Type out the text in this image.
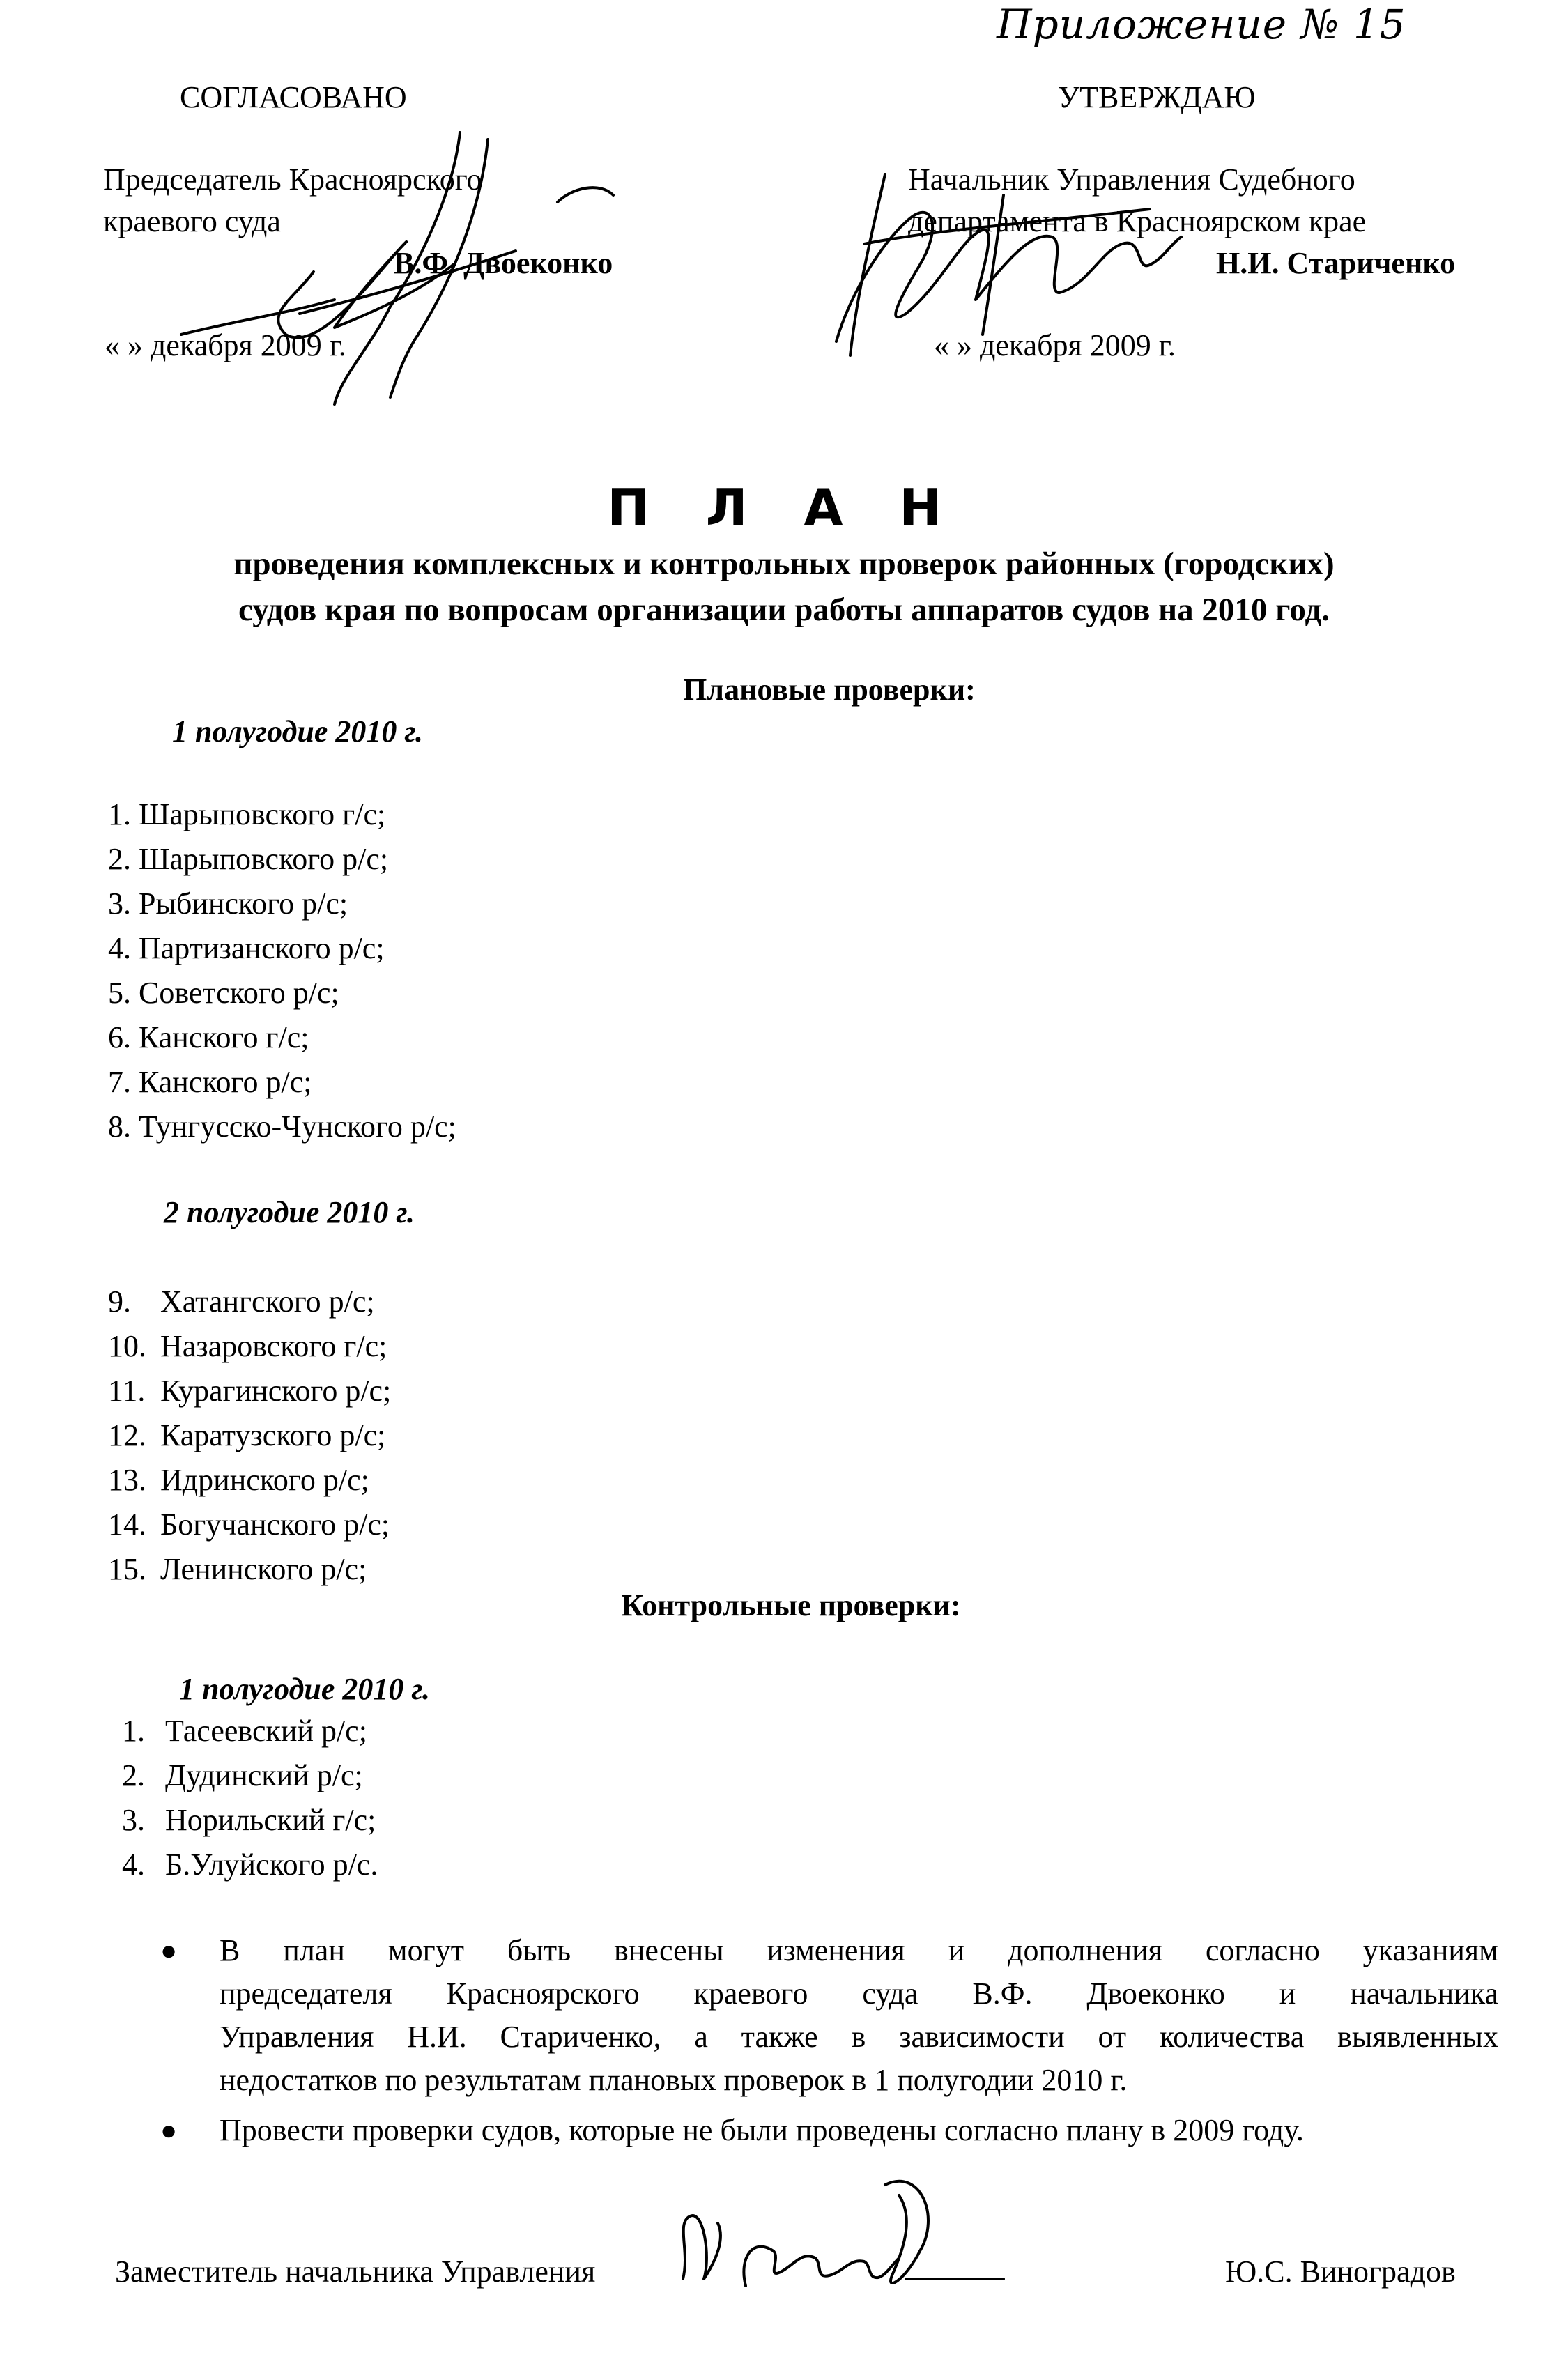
Приложение № 15
СОГЛАСОВАНО
Председатель Красноярского
краевого суда
В.Ф. Двоеконко
« » декабря 2009 г.
УТВЕРЖДАЮ
Начальник Управления Судебного
департамента в Красноярском крае
Н.И. Стариченко
« » декабря 2009 г.
П Л А Н
проведения комплексных и контрольных проверок районных (городских)
судов края по вопросам организации работы аппаратов судов на 2010 год.
Плановые проверки:
1 полугодие 2010 г.
1. Шарыповского г/с;
2. Шарыповского р/с;
3. Рыбинского р/с;
4. Партизанского р/с;
5. Советского р/с;
6. Канского г/с;
7. Канского р/с;
8. Тунгусско-Чунского р/с;
2 полугодие 2010 г.
9. Хатангского р/с;
10. Назаровского г/с;
11. Курагинского р/с;
12. Каратузского р/с;
13. Идринского р/с;
14. Богучанского р/с;
15. Ленинского р/с;
Контрольные проверки:
1 полугодие 2010 г.
1. Тасеевский р/с;
2. Дудинский р/с;
3. Норильский г/с;
4. Б.Улуйского р/с.
● В план могут быть внесены изменения и дополнения согласно указаниям
председателя Красноярского краевого суда В.Ф. Двоеконко и начальника
Управления Н.И. Стариченко, а также в зависимости от количества выявленных
недостатков по результатам плановых проверок в 1 полугодии 2010 г.
● Провести проверки судов, которые не были проведены согласно плану в 2009 году.
Заместитель начальника Управления	Ю.С. Виноградов
